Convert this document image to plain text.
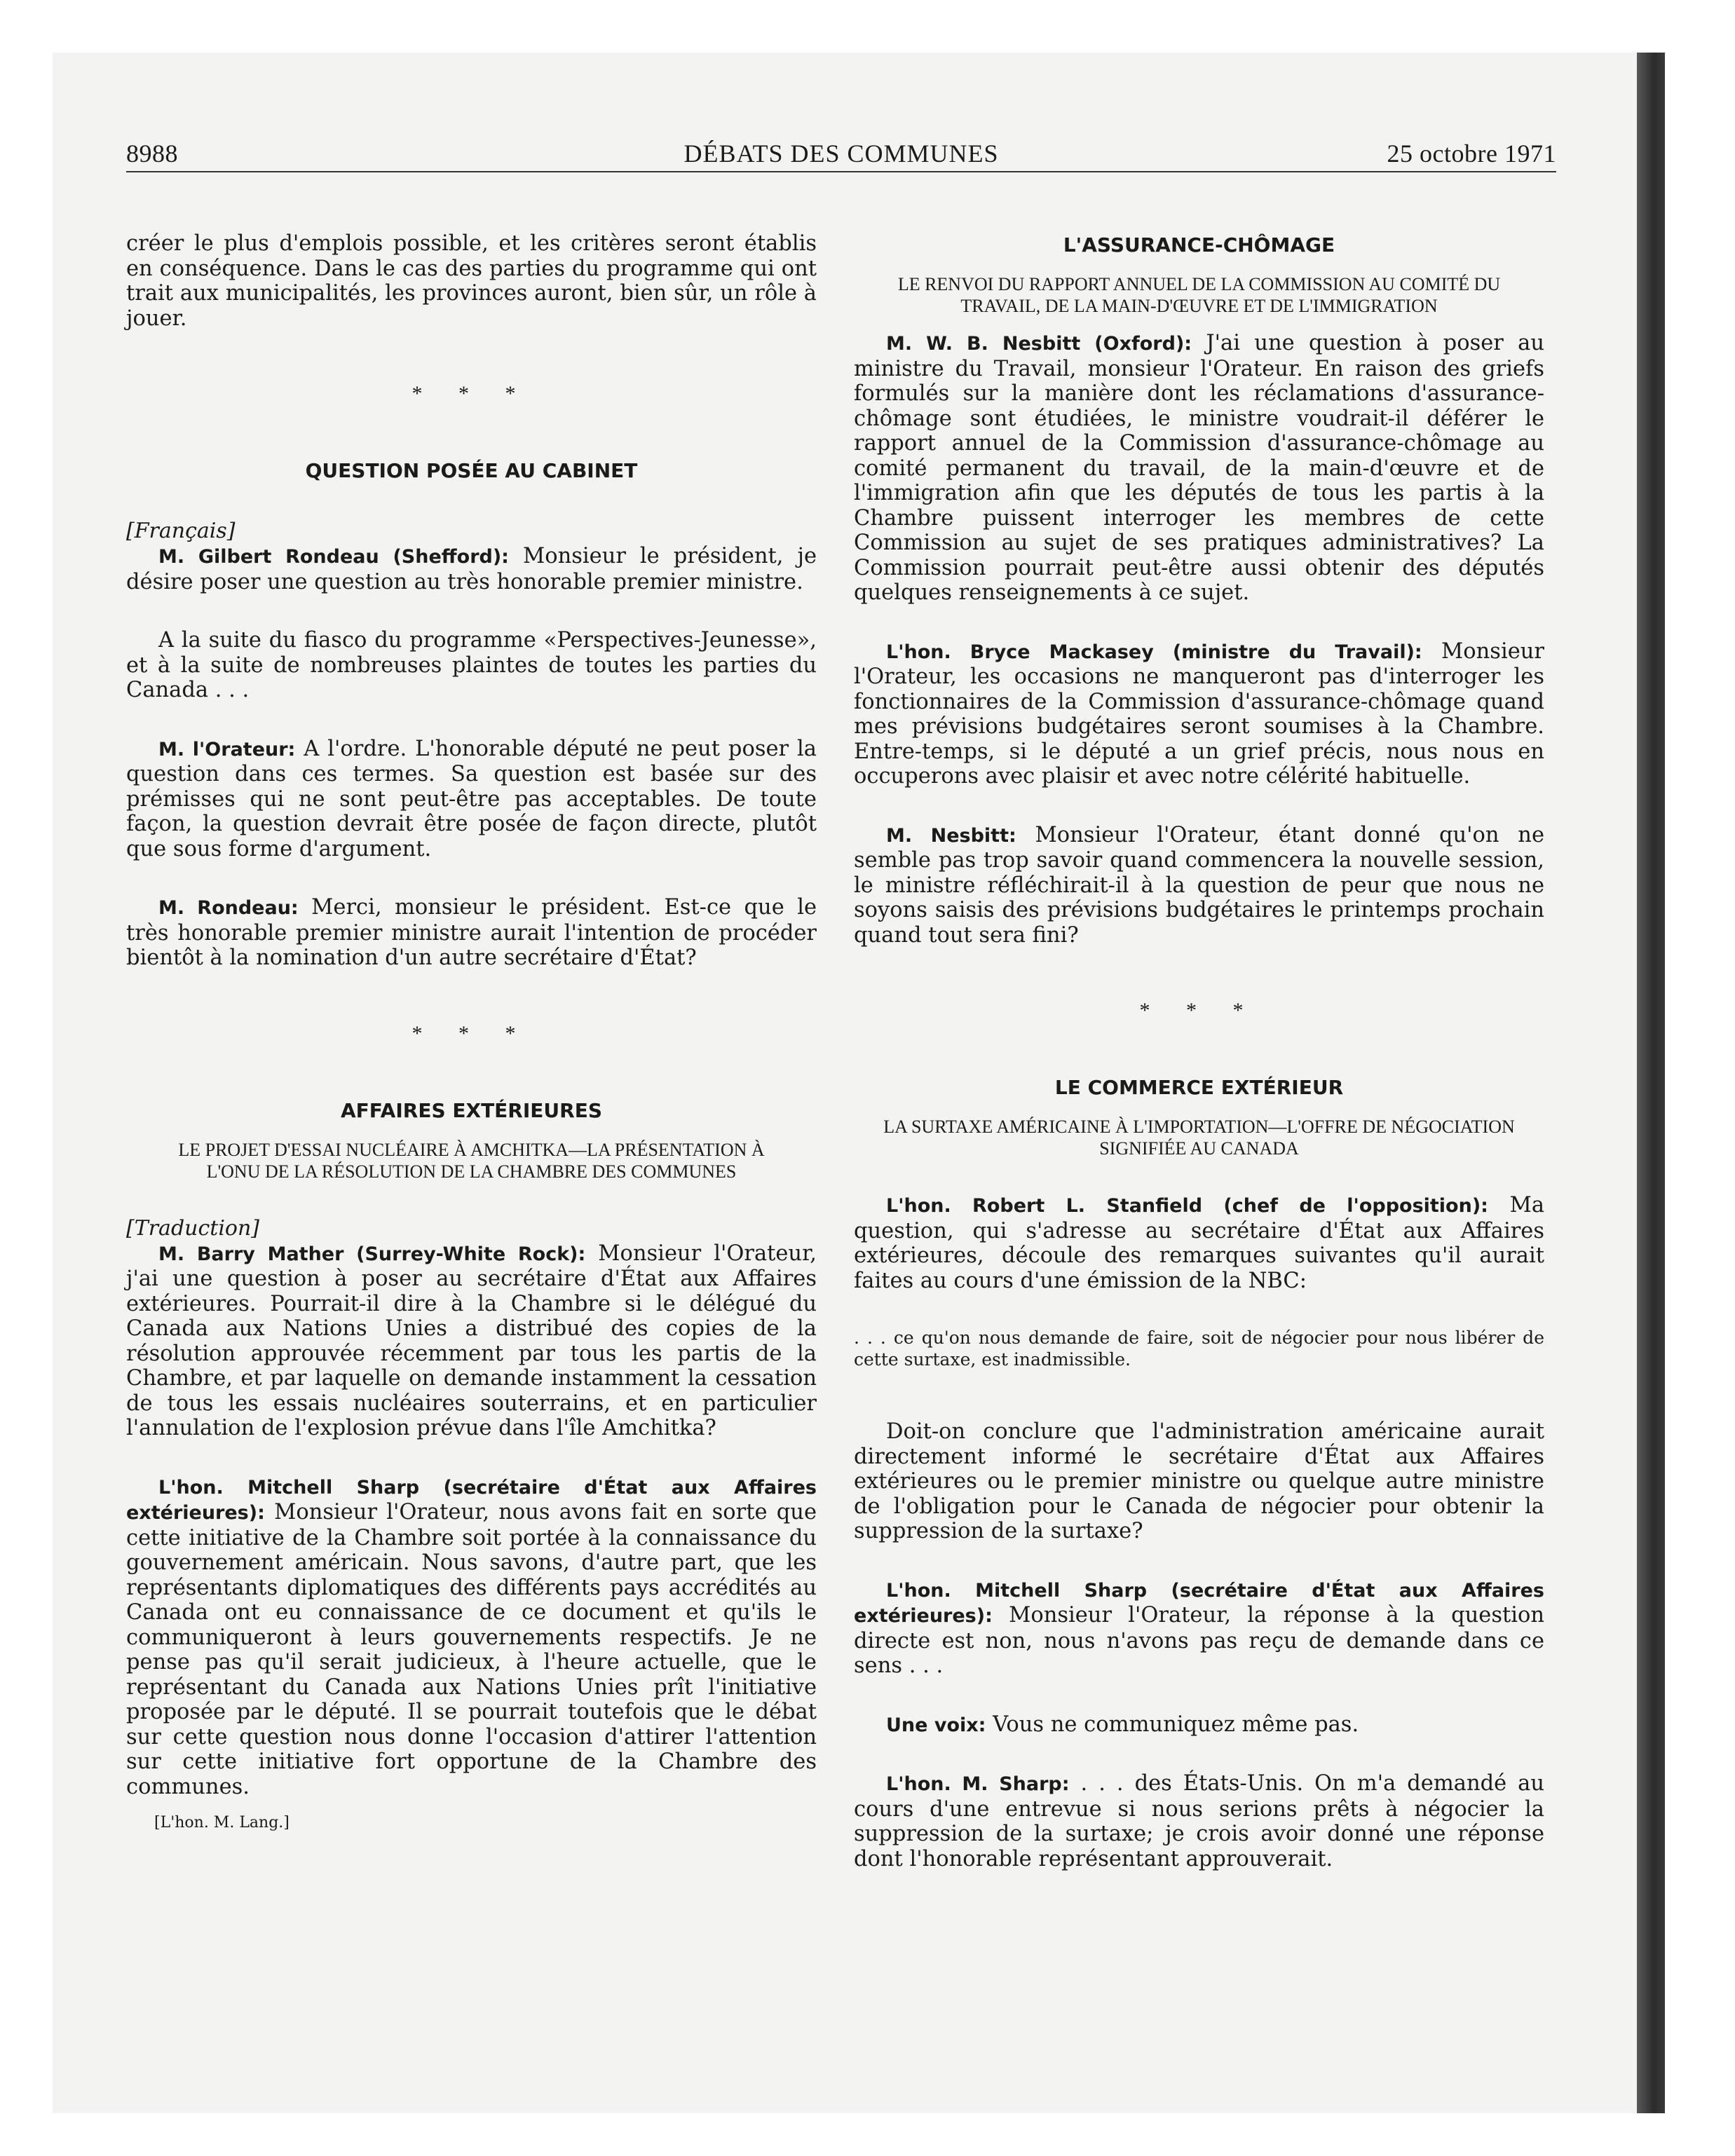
8988	DÉBATS DES COMMUNES	25 octobre 1971

créer le plus d'emplois possible, et les critères seront établis en conséquence. Dans le cas des parties du programme qui ont trait aux municipalités, les provinces auront, bien sûr, un rôle à jouer.

* * *
QUESTION POSÉE AU CABINET
[Français]

M. Gilbert Rondeau (Shefford): Monsieur le président, je désire poser une question au très honorable premier ministre.

A la suite du fiasco du programme «Perspectives-Jeunesse», et à la suite de nombreuses plaintes de toutes les parties du Canada . . .

M. l'Orateur: A l'ordre. L'honorable député ne peut poser la question dans ces termes. Sa question est basée sur des prémisses qui ne sont peut-être pas acceptables. De toute façon, la question devrait être posée de façon directe, plutôt que sous forme d'argument.

M. Rondeau: Merci, monsieur le président. Est-ce que le très honorable premier ministre aurait l'intention de procéder bientôt à la nomination d'un autre secrétaire d'État?

* * *
AFFAIRES EXTÉRIEURES
LE PROJET D'ESSAI NUCLÉAIRE À AMCHITKA—LA PRÉSENTATION À L'ONU DE LA RÉSOLUTION DE LA CHAMBRE DES COMMUNES
[Traduction]

M. Barry Mather (Surrey-White Rock): Monsieur l'Orateur, j'ai une question à poser au secrétaire d'État aux Affaires extérieures. Pourrait-il dire à la Chambre si le délégué du Canada aux Nations Unies a distribué des copies de la résolution approuvée récemment par tous les partis de la Chambre, et par laquelle on demande instamment la cessation de tous les essais nucléaires souterrains, et en particulier l'annulation de l'explosion prévue dans l'île Amchitka?

L'hon. Mitchell Sharp (secrétaire d'État aux Affaires extérieures): Monsieur l'Orateur, nous avons fait en sorte que cette initiative de la Chambre soit portée à la connaissance du gouvernement américain. Nous savons, d'autre part, que les représentants diplomatiques des différents pays accrédités au Canada ont eu connaissance de ce document et qu'ils le communiqueront à leurs gouvernements respectifs. Je ne pense pas qu'il serait judicieux, à l'heure actuelle, que le représentant du Canada aux Nations Unies prît l'initiative proposée par le député. Il se pourrait toutefois que le débat sur cette question nous donne l'occasion d'attirer l'attention sur cette initiative fort opportune de la Chambre des communes.

[L'hon. M. Lang.]
L'ASSURANCE-CHÔMAGE
LE RENVOI DU RAPPORT ANNUEL DE LA COMMISSION AU COMITÉ DU TRAVAIL, DE LA MAIN-D'ŒUVRE ET DE L'IMMIGRATION

M. W. B. Nesbitt (Oxford): J'ai une question à poser au ministre du Travail, monsieur l'Orateur. En raison des griefs formulés sur la manière dont les réclamations d'assurance-chômage sont étudiées, le ministre voudrait-il déférer le rapport annuel de la Commission d'assurance-chômage au comité permanent du travail, de la main-d'œuvre et de l'immigration afin que les députés de tous les partis à la Chambre puissent interroger les membres de cette Commission au sujet de ses pratiques administratives? La Commission pourrait peut-être aussi obtenir des députés quelques renseignements à ce sujet.

L'hon. Bryce Mackasey (ministre du Travail): Monsieur l'Orateur, les occasions ne manqueront pas d'interroger les fonctionnaires de la Commission d'assurance-chômage quand mes prévisions budgétaires seront soumises à la Chambre. Entre-temps, si le député a un grief précis, nous nous en occuperons avec plaisir et avec notre célérité habituelle.

M. Nesbitt: Monsieur l'Orateur, étant donné qu'on ne semble pas trop savoir quand commencera la nouvelle session, le ministre réfléchirait-il à la question de peur que nous ne soyons saisis des prévisions budgétaires le printemps prochain quand tout sera fini?

* * *
LE COMMERCE EXTÉRIEUR
LA SURTAXE AMÉRICAINE À L'IMPORTATION—L'OFFRE DE NÉGOCIATION SIGNIFIÉE AU CANADA

L'hon. Robert L. Stanfield (chef de l'opposition): Ma question, qui s'adresse au secrétaire d'État aux Affaires extérieures, découle des remarques suivantes qu'il aurait faites au cours d'une émission de la NBC:

. . . ce qu'on nous demande de faire, soit de négocier pour nous libérer de cette surtaxe, est inadmissible.

Doit-on conclure que l'administration américaine aurait directement informé le secrétaire d'État aux Affaires extérieures ou le premier ministre ou quelque autre ministre de l'obligation pour le Canada de négocier pour obtenir la suppression de la surtaxe?

L'hon. Mitchell Sharp (secrétaire d'État aux Affaires extérieures): Monsieur l'Orateur, la réponse à la question directe est non, nous n'avons pas reçu de demande dans ce sens . . .

Une voix: Vous ne communiquez même pas.

L'hon. M. Sharp: . . . des États-Unis. On m'a demandé au cours d'une entrevue si nous serions prêts à négocier la suppression de la surtaxe; je crois avoir donné une réponse dont l'honorable représentant approuverait.
